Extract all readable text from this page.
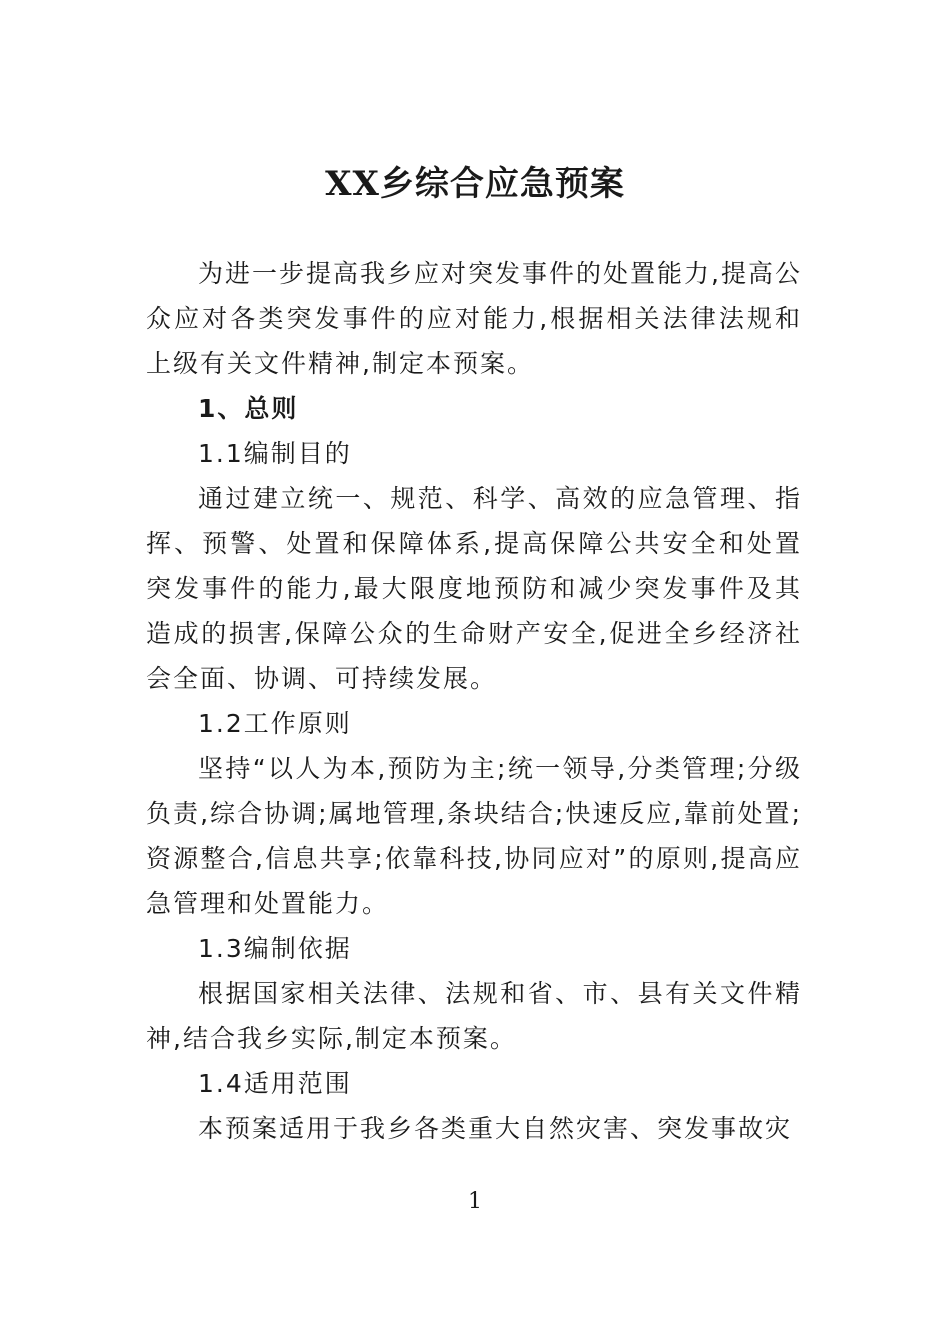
XX乡综合应急预案

为进一步提高我乡应对突发事件的处置能力,提高公众应对各类突发事件的应对能力,根据相关法律法规和上级有关文件精神,制定本预案。

1、总则

1.1编制目的

通过建立统一、规范、科学、高效的应急管理、指挥、预警、处置和保障体系,提高保障公共安全和处置突发事件的能力,最大限度地预防和减少突发事件及其造成的损害,保障公众的生命财产安全,促进全乡经济社会全面、协调、可持续发展。

1.2工作原则

坚持“以人为本,预防为主;统一领导,分类管理;分级负责,综合协调;属地管理,条块结合;快速反应,靠前处置;资源整合,信息共享;依靠科技,协同应对”的原则,提高应急管理和处置能力。

1.3编制依据

根据国家相关法律、法规和省、市、县有关文件精神,结合我乡实际,制定本预案。

1.4适用范围

本预案适用于我乡各类重大自然灾害、突发事故灾

1
